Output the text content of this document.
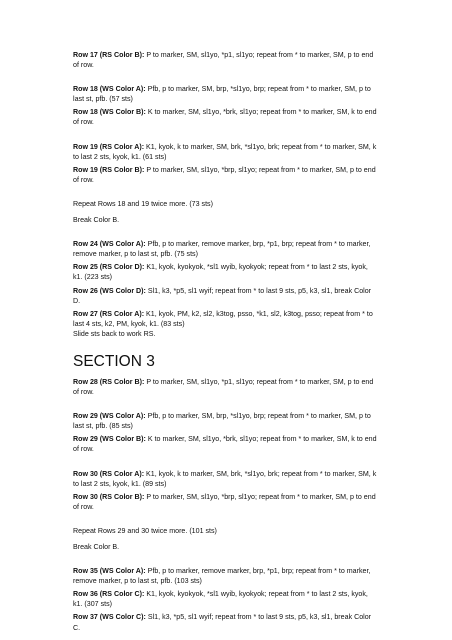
Row 17 (RS Color B): P to marker, SM, sl1yo, *p1, sl1yo; repeat from * to marker, SM, p to end of row.

Row 18 (WS Color A): Pfb, p to marker, SM, brp, *sl1yo, brp; repeat from * to marker, SM, p to last st, pfb. (57 sts)

Row 18 (WS Color B): K to marker, SM, sl1yo, *brk, sl1yo; repeat from * to marker, SM, k to end of row.

Row 19 (RS Color A): K1, kyok, k to marker, SM, brk, *sl1yo, brk; repeat from * to marker, SM, k to last 2 sts, kyok, k1. (61 sts)

Row 19 (RS Color B): P to marker, SM, sl1yo, *brp, sl1yo; repeat from * to marker, SM, p to end of row.

Repeat Rows 18 and 19 twice more. (73 sts)

Break Color B.

Row 24 (WS Color A): Pfb, p to marker, remove marker, brp, *p1, brp; repeat from * to marker, remove marker, p to last st, pfb. (75 sts)

Row 25 (RS Color D): K1, kyok, kyokyok, *sl1 wyib, kyokyok; repeat from * to last 2 sts, kyok, k1. (223 sts)

Row 26 (WS Color D): Sl1, k3, *p5, sl1 wyif; repeat from * to last 9 sts, p5, k3, sl1, break Color D.

Row 27 (RS Color A): K1, kyok, PM, k2, sl2, k3tog, psso, *k1, sl2, k3tog, psso; repeat from * to last 4 sts, k2, PM, kyok, k1. (83 sts)

Slide sts back to work RS.

SECTION 3

Row 28 (RS Color B): P to marker, SM, sl1yo, *p1, sl1yo; repeat from * to marker, SM, p to end of row.

Row 29 (WS Color A): Pfb, p to marker, SM, brp, *sl1yo, brp; repeat from * to marker, SM, p to last st, pfb. (85 sts)

Row 29 (WS Color B): K to marker, SM, sl1yo, *brk, sl1yo; repeat from * to marker, SM, k to end of row.

Row 30 (RS Color A): K1, kyok, k to marker, SM, brk, *sl1yo, brk; repeat from * to marker, SM, k to last 2 sts, kyok, k1. (89 sts)

Row 30 (RS Color B): P to marker, SM, sl1yo, *brp, sl1yo; repeat from * to marker, SM, p to end of row.

Repeat Rows 29 and 30 twice more. (101 sts)

Break Color B.

Row 35 (WS Color A): Pfb, p to marker, remove marker, brp, *p1, brp; repeat from * to marker, remove marker, p to last st, pfb. (103 sts)

Row 36 (RS Color C): K1, kyok, kyokyok, *sl1 wyib, kyokyok; repeat from * to last 2 sts, kyok, k1. (307 sts)

Row 37 (WS Color C): Sl1, k3, *p5, sl1 wyif; repeat from * to last 9 sts, p5, k3, sl1, break Color C.
